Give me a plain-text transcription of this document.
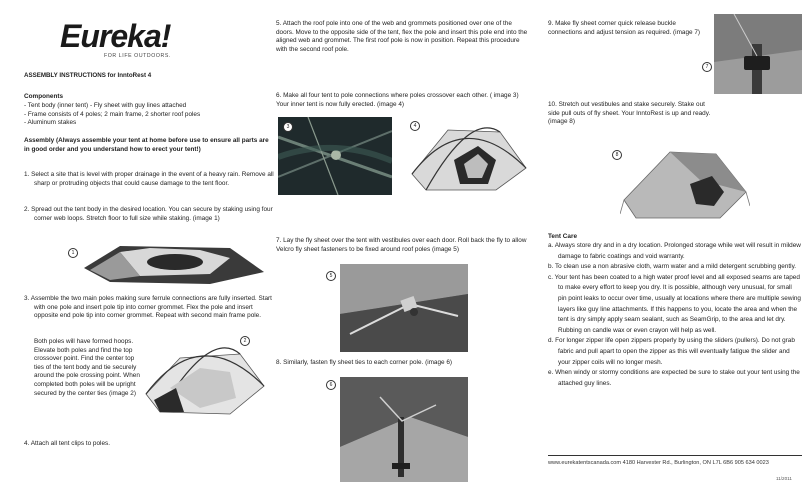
Eureka!
FOR LIFE OUTDOORS.
ASSEMBLY INSTRUCTIONS for InntoRest 4
Components
- Tent body (inner tent) - Fly sheet with guy lines attached
- Frame consists of 4 poles; 2 main frame, 2 shorter roof poles
- Aluminum stakes
Assembly (Always assemble your tent at home before use to ensure all parts are in good order and you understand how to erect your tent!)
1. Select a site that is level with proper drainage in the event of a heavy rain. Remove all sharp or protruding objects that could cause damage to the tent floor.
2. Spread out the tent body in the desired location. You can secure by staking using four corner web loops. Stretch floor to full size while staking. (image 1)
1
3. Assemble the two main poles making sure ferrule connections are fully inserted. Start with one pole and insert pole tip into corner grommet. Flex the pole and insert opposite end pole tip into corner grommet. Repeat with second main frame pole.
Both poles will have formed hoops. Elevate both poles and find the top crossover point. Find the center top ties of the tent body and tie securely around the pole crossing point. When completed both poles will be upright secured by the center ties (image 2)
2
4. Attach all tent clips to poles.
5. Attach the roof pole into one of the web and grommets positioned over one of the doors. Move to the opposite side of the tent, flex the pole and insert this pole end into the aligned web and grommet. The first roof pole is now in position. Repeat this procedure with the second roof pole.
6. Make all four tent to pole connections where poles crossover each other. ( image 3) Your inner tent is now fully erected. (image 4)
3	4
7. Lay the fly sheet over the tent with vestibules over each door. Roll back the fly to allow Velcro fly sheet fasteners to be fixed around roof poles (image 5)
5
8. Similarly, fasten fly sheet ties to each corner pole. (image 6)
6
9. Make fly sheet corner quick release buckle connections and adjust tension as required. (image 7)
7
10. Stretch out vestibules and stake securely. Stake out side pull outs of fly sheet. Your InntoRest is up and ready. (image 8)
8
Tent Care
a. Always store dry and in a dry location. Prolonged storage while wet will result in mildew damage to fabric coatings and void warranty.
b. To clean use a non abrasive cloth, warm water and a mild detergent scrubbing gently.
c. Your tent has been coated to a high water proof level and all exposed seams are taped to make every effort to keep you dry. It is possible, although very unusual, for small pin point leaks to occur over time, usually at locations where there are multiple sewing layers like guy line attachments. If this happens to you, locate the area and when the tent is dry simply apply seam sealant, such as SeamGrip, to the area and let dry. Rubbing on candle wax or even crayon will help as well.
d. For longer zipper life open zippers properly by using the sliders (pullers). Do not grab fabric and pull apart to open the zipper as this will eventually fatigue the slider and your zipper coils will no longer mesh.
e. When windy or stormy conditions are expected be sure to stake out your tent using the attached guy lines.
www.eurekatentscanada.com 4180 Harvester Rd., Burlington, ON L7L 6B6 905 634 0023
11/2011
